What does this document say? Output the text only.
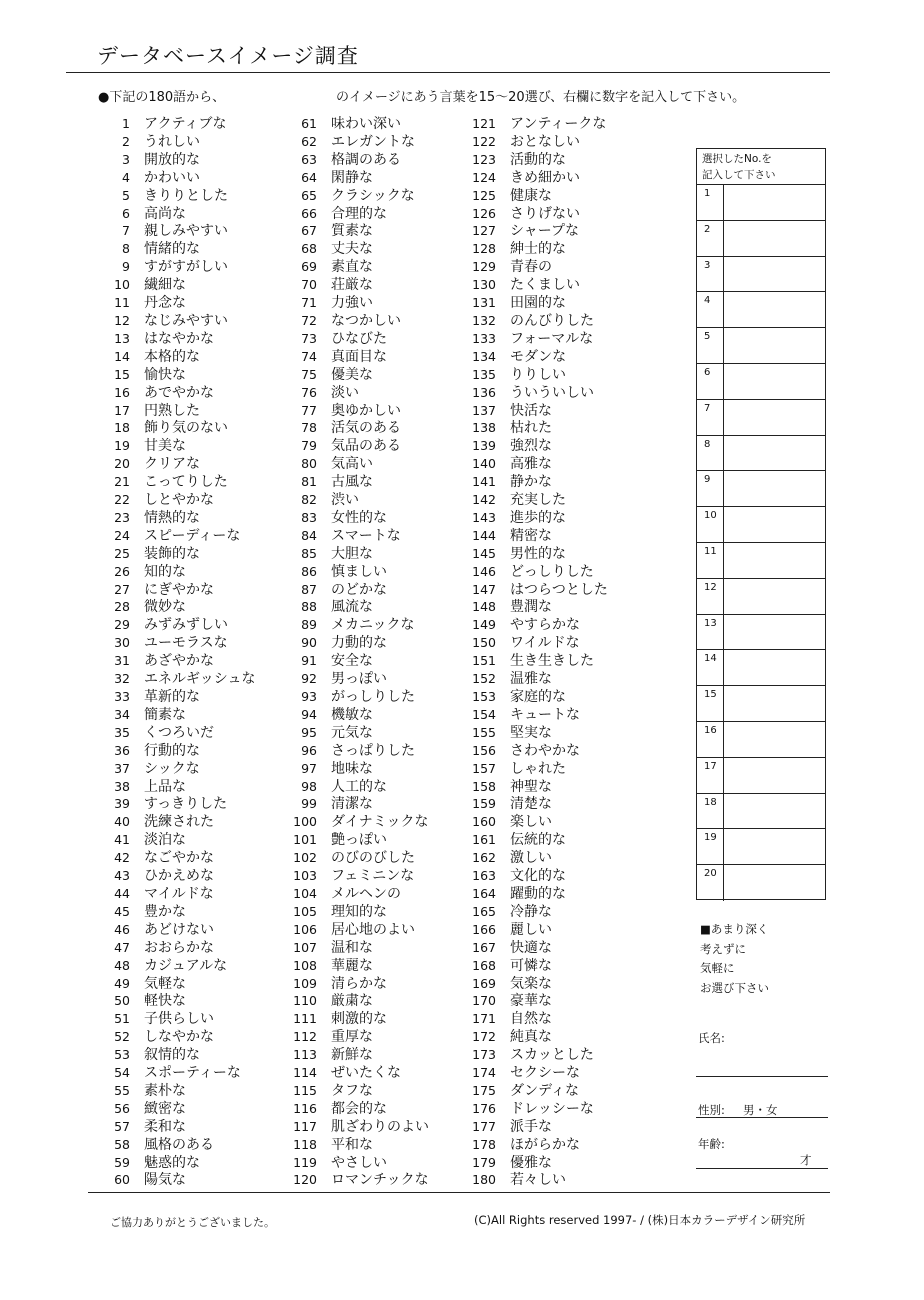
データベースイメージ調査
●下記の180語から、	のイメージにあう言葉を15～20選び、右欄に数字を記入して下さい。
1 アクティブな
2 うれしい
3 開放的な
4 かわいい
5 きりりとした
6 高尚な
7 親しみやすい
8 情緒的な
9 すがすがしい
10 繊細な
11 丹念な
12 なじみやすい
13 はなやかな
14 本格的な
15 愉快な
16 あでやかな
17 円熟した
18 飾り気のない
19 甘美な
20 クリアな
21 こってりした
22 しとやかな
23 情熱的な
24 スピーディーな
25 装飾的な
26 知的な
27 にぎやかな
28 微妙な
29 みずみずしい
30 ユーモラスな
31 あざやかな
32 エネルギッシュな
33 革新的な
34 簡素な
35 くつろいだ
36 行動的な
37 シックな
38 上品な
39 すっきりした
40 洗練された
41 淡泊な
42 なごやかな
43 ひかえめな
44 マイルドな
45 豊かな
46 あどけない
47 おおらかな
48 カジュアルな
49 気軽な
50 軽快な
51 子供らしい
52 しなやかな
53 叙情的な
54 スポーティーな
55 素朴な
56 緻密な
57 柔和な
58 風格のある
59 魅惑的な
60 陽気な
61 味わい深い
62 エレガントな
63 格調のある
64 閑静な
65 クラシックな
66 合理的な
67 質素な
68 丈夫な
69 素直な
70 荘厳な
71 力強い
72 なつかしい
73 ひなびた
74 真面目な
75 優美な
76 淡い
77 奥ゆかしい
78 活気のある
79 気品のある
80 気高い
81 古風な
82 渋い
83 女性的な
84 スマートな
85 大胆な
86 慎ましい
87 のどかな
88 風流な
89 メカニックな
90 力動的な
91 安全な
92 男っぽい
93 がっしりした
94 機敏な
95 元気な
96 さっぱりした
97 地味な
98 人工的な
99 清潔な
100 ダイナミックな
101 艶っぽい
102 のびのびした
103 フェミニンな
104 メルヘンの
105 理知的な
106 居心地のよい
107 温和な
108 華麗な
109 清らかな
110 厳粛な
111 刺激的な
112 重厚な
113 新鮮な
114 ぜいたくな
115 タフな
116 都会的な
117 肌ざわりのよい
118 平和な
119 やさしい
120 ロマンチックな
121 アンティークな
122 おとなしい
123 活動的な
124 きめ細かい
125 健康な
126 さりげない
127 シャープな
128 紳士的な
129 青春の
130 たくましい
131 田園的な
132 のんびりした
133 フォーマルな
134 モダンな
135 りりしい
136 ういういしい
137 快活な
138 枯れた
139 強烈な
140 高雅な
141 静かな
142 充実した
143 進歩的な
144 精密な
145 男性的な
146 どっしりした
147 はつらつとした
148 豊潤な
149 やすらかな
150 ワイルドな
151 生き生きした
152 温雅な
153 家庭的な
154 キュートな
155 堅実な
156 さわやかな
157 しゃれた
158 神聖な
159 清楚な
160 楽しい
161 伝統的な
162 激しい
163 文化的な
164 躍動的な
165 冷静な
166 麗しい
167 快適な
168 可憐な
169 気楽な
170 豪華な
171 自然な
172 純真な
173 スカッとした
174 セクシーな
175 ダンディな
176 ドレッシーな
177 派手な
178 ほがらかな
179 優雅な
180 若々しい
選択したNo.を
記入して下さい
1
2
3
4
5
6
7
8
9
10
11
12
13
14
15
16
17
18
19
20
■あまり深く
考えずに
気軽に
お選び下さい
氏名:
性別: 男・女
年齢:
才
ご協力ありがとうございました。	(C)All Rights reserved 1997- / (株)日本カラーデザイン研究所
